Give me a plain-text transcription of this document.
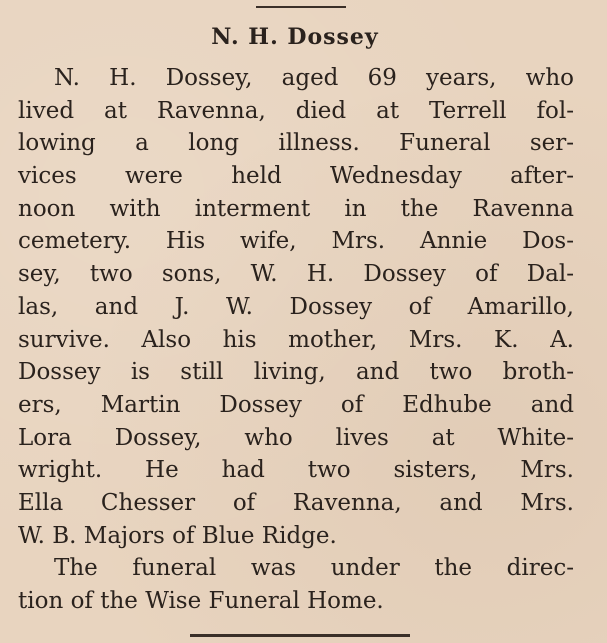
N. H. Dossey
N. H. Dossey, aged 69 years, who
lived at Ravenna, died at Terrell fol-
lowing a long illness. Funeral ser-
vices were held Wednesday after-
noon with interment in the Ravenna
cemetery. His wife, Mrs. Annie Dos-
sey, two sons, W. H. Dossey of Dal-
las, and J. W. Dossey of Amarillo,
survive. Also his mother, Mrs. K. A.
Dossey is still living, and two broth-
ers, Martin Dossey of Edhube and
Lora Dossey, who lives at White-
wright. He had two sisters, Mrs.
Ella Chesser of Ravenna, and Mrs.
W. B. Majors of Blue Ridge.
The funeral was under the direc-
tion of the Wise Funeral Home.
